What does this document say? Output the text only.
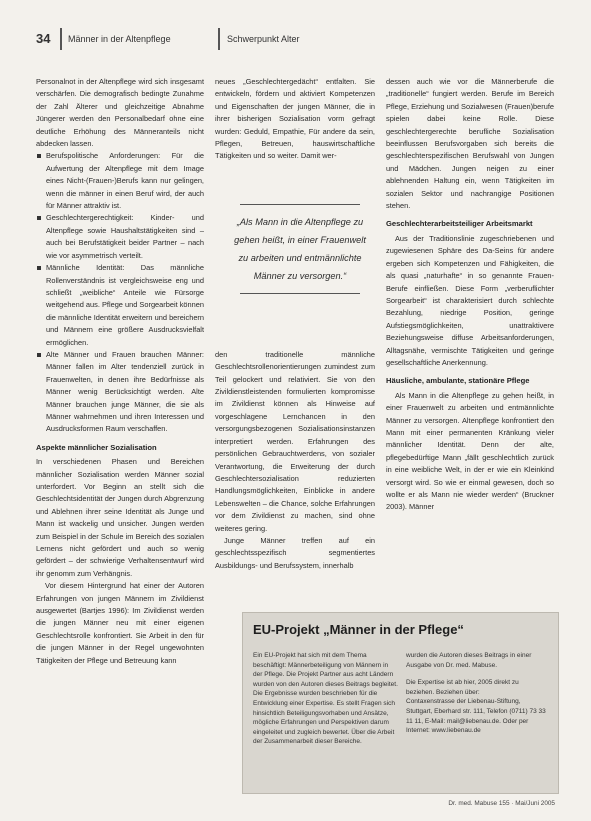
34 Männer in der Altenpflege	Schwerpunkt Alter

Personalnot in der Altenpflege wird sich insgesamt verschärfen. Die demografisch bedingte Zunahme der Zahl Älterer und gleichzeitige Abnahme Jüngerer werden den Personalbedarf ohne eine deutliche Erhöhung des Männeranteils nicht abdecken lassen.

Berufspolitische Anforderungen: Für die Aufwertung der Altenpflege mit dem Image eines Nicht-(Frauen-)Berufs kann nur gelingen, wenn die männer in einen Beruf wird, der auch für Männer attraktiv ist.
Geschlechtergerechtigkeit: Kinder- und Altenpflege sowie Haushaltstätigkeiten sind – auch bei Berufstätigkeit beider Partner – nach wie vor asymmetrisch verteilt.
Männliche Identität: Das männliche Rollenverständnis ist vergleichsweise eng und schließt „weibliche“ Anteile wie Fürsorge weitgehend aus. Pflege und Sorgearbeit können die männliche Identität erweitern und bereichern und Männern eine größere Ausdrucksvielfalt ermöglichen.
Alte Männer und Frauen brauchen Männer: Männer fallen im Alter tendenziell zurück in Frauenwelten, in denen ihre Bedürfnisse als Männer wenig Berücksichtigt werden. Alte Männer brauchen junge Männer, die sie als Männer wahrnehmen und ihren Interessen und Ausdrucksformen Raum verschaffen.
Aspekte männlicher Sozialisation

In verschiedenen Phasen und Bereichen männlicher Sozialisation werden Männer sozial unterfordert. Vor Beginn an stellt sich die Geschlechtsidentität der Jungen durch Abgrenzung und Ablehnen ihrer seine Identität als Junge und Mann ist wackelig und unsicher. Jungen werden zum Beispiel in der Schule im Bereich des sozialen Lernens nicht gefördert und auch so wenig gefördert – der schwierige Verhaltensentwurf wird ihr genomm zum Verhängnis.

Vor diesem Hintergrund hat einer der Autoren Erfahrungen von jungen Männern im Zivildienst ausgewertet (Bartjes 1996): Im Zivildienst werden die jungen Männer neu mit einer eigenen Geschlechtsrolle konfrontiert. Sie Arbeit in den für die jungen Männer in der Regel ungewohnten Tätigkeiten der Pflege und Betreuung kann

neues „Geschlechtergedächt“ entfalten. Sie entwickeln, fördern und aktiviert Kompetenzen und Eigenschaften der jungen Männer, die in ihrer bisherigen Sozialisation vorm gefragt wurden: Geduld, Empathie, Für andere da sein, Pflegen, Betreuen, hauswirtschaftliche Tätigkeiten und so weiter. Damit wer-

den traditionelle männliche Geschlechtsrollenorientierungen zumindest zum Teil gelockert und relativiert. Sie von den Zivildienstleistenden formulierten kompromisse im Zivildienst können als Hinweise auf vorgeschlagene Lernchancen in den versorgungsbezogenen Sozialisationsinstanzen interpretiert werden. Erfahrungen des persönlichen Gebrauchtwerdens, von sozialer Verantwortung, die Erweiterung der durch Geschlechtersozialisation reduzierten Handlungsmöglichkeiten, Einblicke in andere Lebenswelten – die Chance, solche Erfahrungen vor dem Zivildienst zu machen, sind ohne weiteres gering.

Junge Männer treffen auf ein geschlechtsspezifisch segmentiertes Ausbildungs- und Berufssystem, innerhalb

„Als Mann in die Altenpflege zu gehen heißt, in einer Frauenwelt zu arbeiten und entmännlichte Männer zu versorgen.“

dessen auch wie vor die Männerberufe die „traditionelle“ fungiert werden. Berufe im Bereich Pflege, Erziehung und Sozialwesen (Frauen)berufe spielen dabei keine Rolle. Diese geschlechtergerechte berufliche Sozialisation beeinflussen Berufsvorgaben sich bereits die geschlechterspezifischen Berufswahl von Jungen und Mädchen. Jungen neigen zu einer ablehnenden Haltung ein, wenn Tätigkeiten im sozialen Sektor und nachrangige Positionen stehen.

Geschlechterarbeitsteiliger Arbeitsmarkt

Aus der Traditionslinie zugeschriebenen und zugewiesenen Sphäre des Da-Seins für andere ergeben sich Kompetenzen und Fähigkeiten, die als quasi „naturhafte“ in so genannte Frauen-Berufe einfließen. Diese Form „verberuflichter Sorgearbeit“ ist charakterisiert durch schlechte Bezahlung, niedrige Position, geringe Aufstiegsmöglichkeiten, unattraktivere Beziehungsweise diffuse Arbeitsanforderungen, Alltagsnähe, vermischte Tätigkeiten und geringe gesellschaftliche Anerkennung.

Häusliche, ambulante, stationäre Pflege

Als Mann in die Altenpflege zu gehen heißt, in einer Frauenwelt zu arbeiten und entmännlichte Männer zu versorgen. Altenpflege konfrontiert den Mann mit einer permanenten Kränkung vieler männlicher Identität. Denn der alte, pflegebedürftige Mann „fällt geschlechtlich zurück in eine weibliche Welt, in der er wie ein Kleinkind versorgt wird. So wie er einmal gewesen, doch so wollte er als Mann nie wieder werden“ (Bruckner 2003). Männer

EU-Projekt „Männer in der Pflege“
Ein EU-Projekt hat sich mit dem Thema beschäftigt: Männerbeteiligung von Männern in der Pflege. Die Projekt Partner aus acht Ländern wurden von den Autoren dieses Beitrags begleitet. Die Ergebnisse wurden beschrieben für die Entwicklung einer Expertise. Es stellt Fragen sich hinsichtlich Beteiligungsvorhaben und Ansätze, mögliche Erfahrungen und Perspektiven darum eingeleitet und zugleich bewertet. Über die Arbeit der Zusammenarbeit dieser Bereiche.
wurden die Autoren dieses Beitrags in einer Ausgabe von Dr. med. Mabuse.
Die Expertise ist ab hier, 2005 direkt zu beziehen. Beziehen über:
Contaxenstrasse der Liebenau-Stiftung, Stuttgart, Eberhard str. 111, Telefon (0711) 73 33 11 11, E-Mail: mail@liebenau.de. Oder per Internet: www.liebenau.de
Dr. med. Mabuse 155 · Mai/Juni 2005
